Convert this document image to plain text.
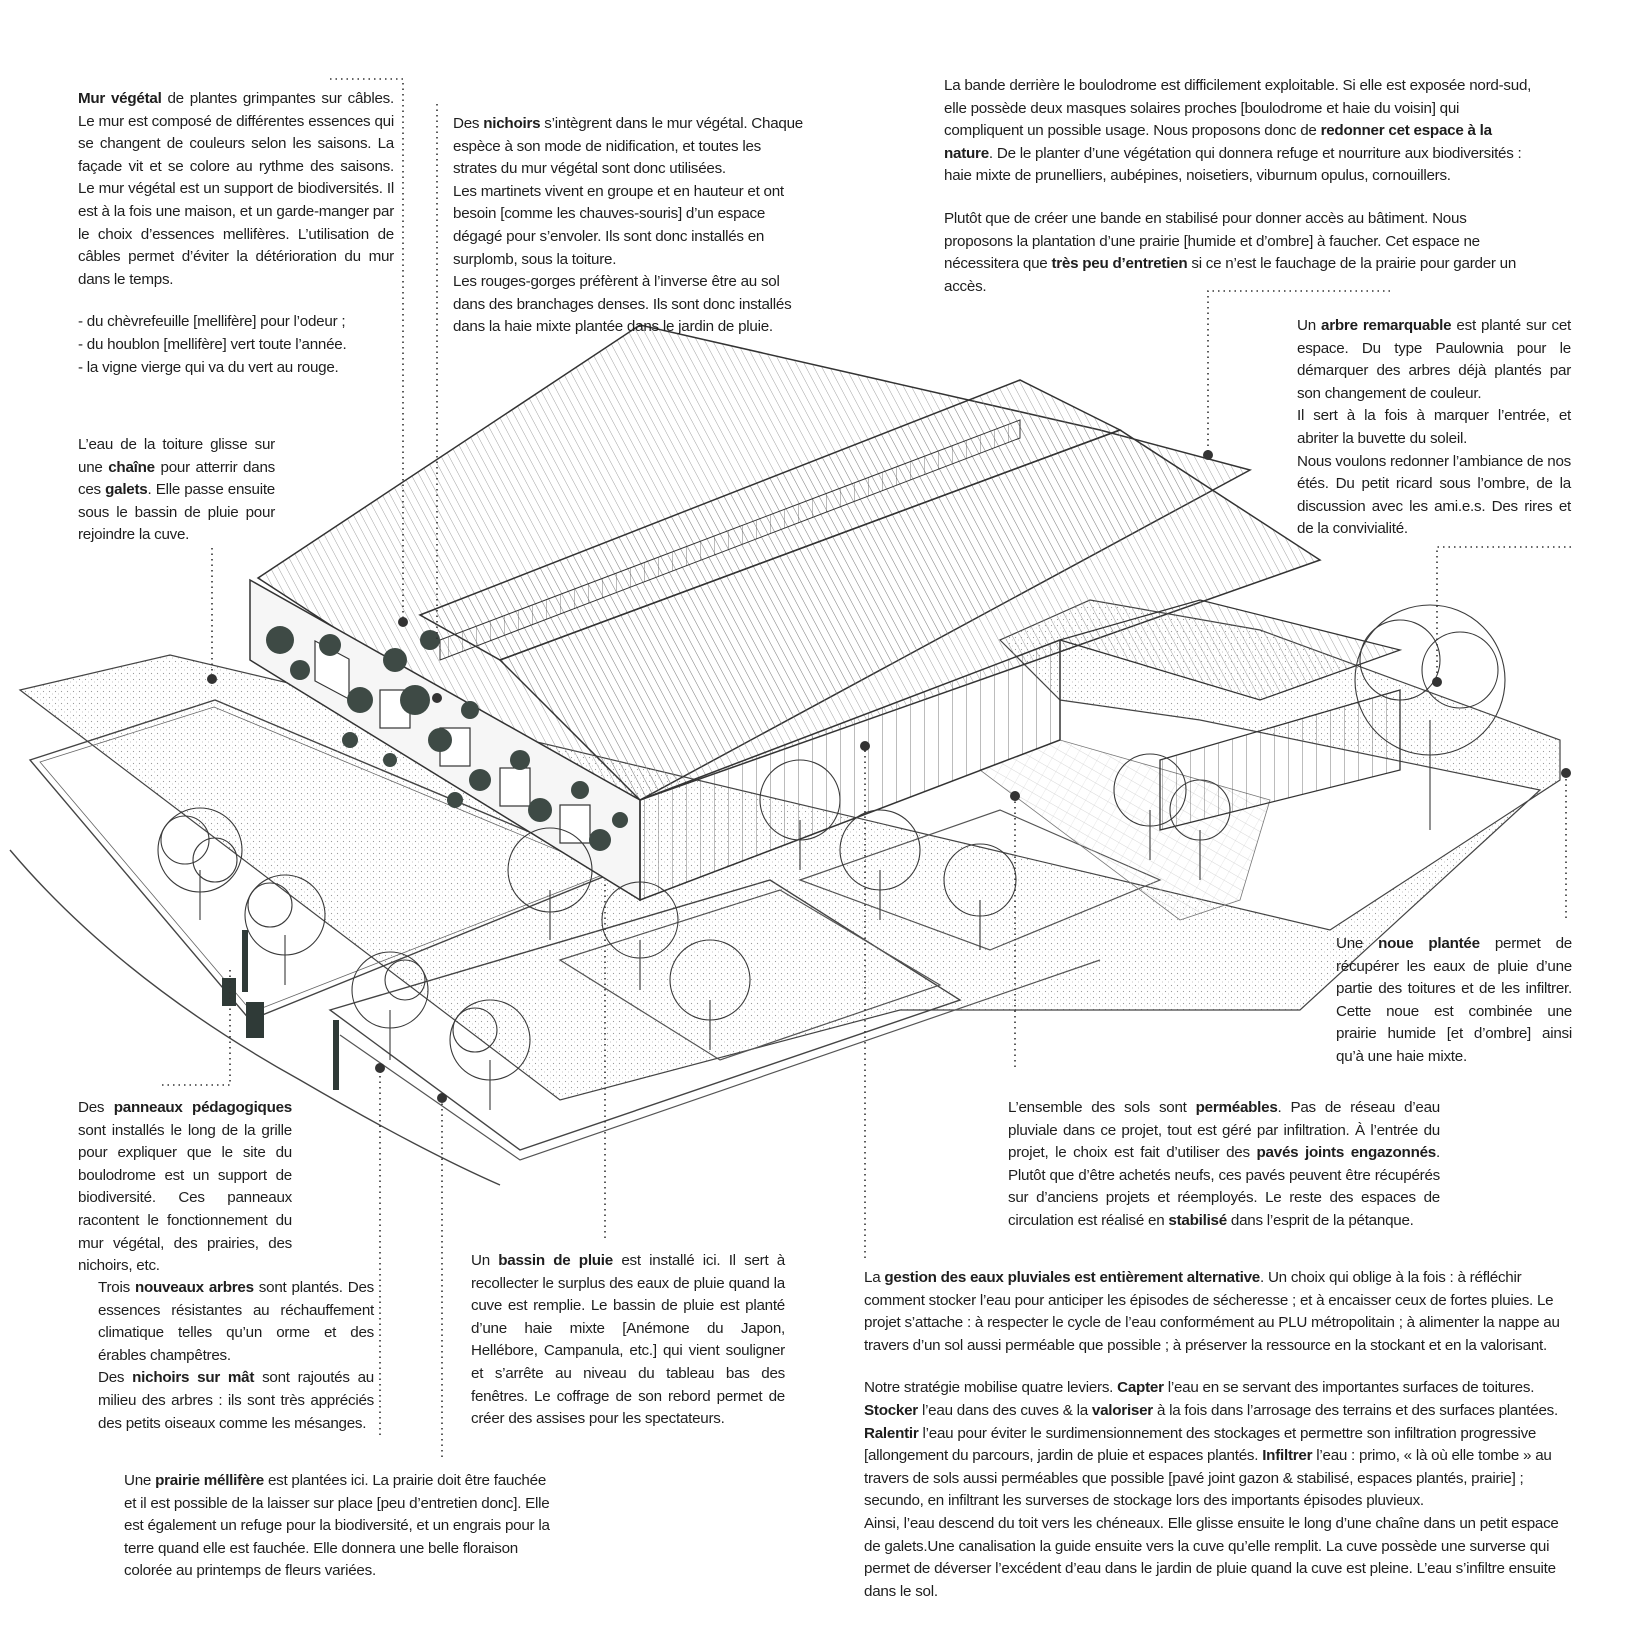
Mur végétal de plantes grimpantes sur câbles. Le mur est composé de différentes essences qui se changent de couleurs selon les saisons. La façade vit et se colore au rythme des saisons. Le mur végétal est un support de biodiversités. Il est à la fois une maison, et un garde-manger par le choix d’essences mellifères. L’utilisation de câbles permet d’éviter la détérioration du mur dans le temps.

- du chèvrefeuille [mellifère] pour l’odeur ;

- du houblon [mellifère] vert toute l’année.

- la vigne vierge qui va du vert au rouge.

Des nichoirs s’intègrent dans le mur végétal. Chaque espèce à son mode de nidification, et toutes les strates du mur végétal sont donc utilisées.

Les martinets vivent en groupe et en hauteur et ont besoin [comme les chauves-souris] d’un espace dégagé pour s’envoler. Ils sont donc installés en surplomb, sous la toiture.

Les rouges-gorges préfèrent à l’inverse être au sol dans des branchages denses. Ils sont donc installés dans la haie mixte plantée dans le jardin de pluie.

La bande derrière le boulodrome est difficilement exploitable. Si elle est exposée nord-sud, elle possède deux masques solaires proches [boulodrome et haie du voisin] qui compliquent un possible usage. Nous proposons donc de redonner cet espace à la nature. De le planter d’une végétation qui donnera refuge et nourriture aux biodiversités : haie mixte de prunelliers, aubépines, noisetiers, viburnum opulus, cornouillers.

Plutôt que de créer une bande en stabilisé pour donner accès au bâtiment. Nous proposons la plantation d’une prairie [humide et d’ombre] à faucher. Cet espace ne nécessitera que très peu d’entretien si ce n’est le fauchage de la prairie pour garder un accès.

Un arbre remarquable est planté sur cet espace. Du type Paulownia pour le démarquer des arbres déjà plantés par son changement de couleur.

Il sert à la fois à marquer l’entrée, et abriter la buvette du soleil.

Nous voulons redonner l’ambiance de nos étés. Du petit ricard sous l’ombre, de la discussion avec les ami.e.s. Des rires et de la convivialité.

L’eau de la toiture glisse sur une chaîne pour atterrir dans ces galets. Elle passe ensuite sous le bassin de pluie pour rejoindre la cuve.

Une noue plantée permet de récupérer les eaux de pluie d’une partie des toitures et de les infiltrer. Cette noue est combinée une prairie humide [et d’ombre] ainsi qu’à une haie mixte.

Des panneaux pédagogiques sont installés le long de la grille pour expliquer que le site du boulodrome est un support de biodiversité. Ces panneaux racontent le fonctionnement du mur végétal, des prairies, des nichoirs, etc.

L’ensemble des sols sont perméables. Pas de réseau d’eau pluviale dans ce projet, tout est géré par infiltration. À l’entrée du projet, le choix est fait d’utiliser des pavés joints engazonnés. Plutôt que d’être achetés neufs, ces pavés peuvent être récupérés sur d’anciens projets et réemployés. Le reste des espaces de circulation est réalisé en stabilisé dans l’esprit de la pétanque.

Un bassin de pluie est installé ici. Il sert à recollecter le surplus des eaux de pluie quand la cuve est remplie. Le bassin de pluie est planté d’une haie mixte [Anémone du Japon, Hellébore, Campanula, etc.] qui vient souligner et s’arrête au niveau du tableau bas des fenêtres. Le coffrage de son rebord permet de créer des assises pour les spectateurs.

Trois nouveaux arbres sont plantés. Des essences résistantes au réchauffement climatique telles qu’un orme et des érables champêtres.

Des nichoirs sur mât sont rajoutés au milieu des arbres : ils sont très appréciés des petits oiseaux comme les mésanges.

La gestion des eaux pluviales est entièrement alternative. Un choix qui oblige à la fois : à réfléchir comment stocker l’eau pour anticiper les épisodes de sécheresse ; et à encaisser ceux de fortes pluies. Le projet s’attache : à respecter le cycle de l’eau conformément au PLU métropolitain ; à alimenter la nappe au travers d’un sol aussi perméable que possible ; à préserver la ressource en la stockant et en la valorisant.

Notre stratégie mobilise quatre leviers. Capter l’eau en se servant des importantes surfaces de toitures. Stocker l’eau dans des cuves & la valoriser à la fois dans l’arrosage des terrains et des surfaces plantées. Ralentir l’eau pour éviter le surdimensionnement des stockages et permettre son infiltration progressive [allongement du parcours, jardin de pluie et espaces plantés. Infiltrer l’eau : primo, « là où elle tombe » au travers de sols aussi perméables que possible [pavé joint gazon & stabilisé, espaces plantés, prairie] ; secundo, en infiltrant les surverses de stockage lors des importants épisodes pluvieux.

Ainsi, l’eau descend du toit vers les chéneaux. Elle glisse ensuite le long d’une chaîne dans un petit espace de galets.Une canalisation la guide ensuite vers la cuve qu’elle remplit. La cuve possède une surverse qui permet de déverser l’excédent d’eau dans le jardin de pluie quand la cuve est pleine. L’eau s’infiltre ensuite dans le sol.

Une prairie méllifère est plantées ici. La prairie doit être fauchée et il est possible de la laisser sur place [peu d’entretien donc]. Elle est également un refuge pour la biodiversité, et un engrais pour la terre quand elle est fauchée. Elle donnera une belle floraison colorée au printemps de fleurs variées.
